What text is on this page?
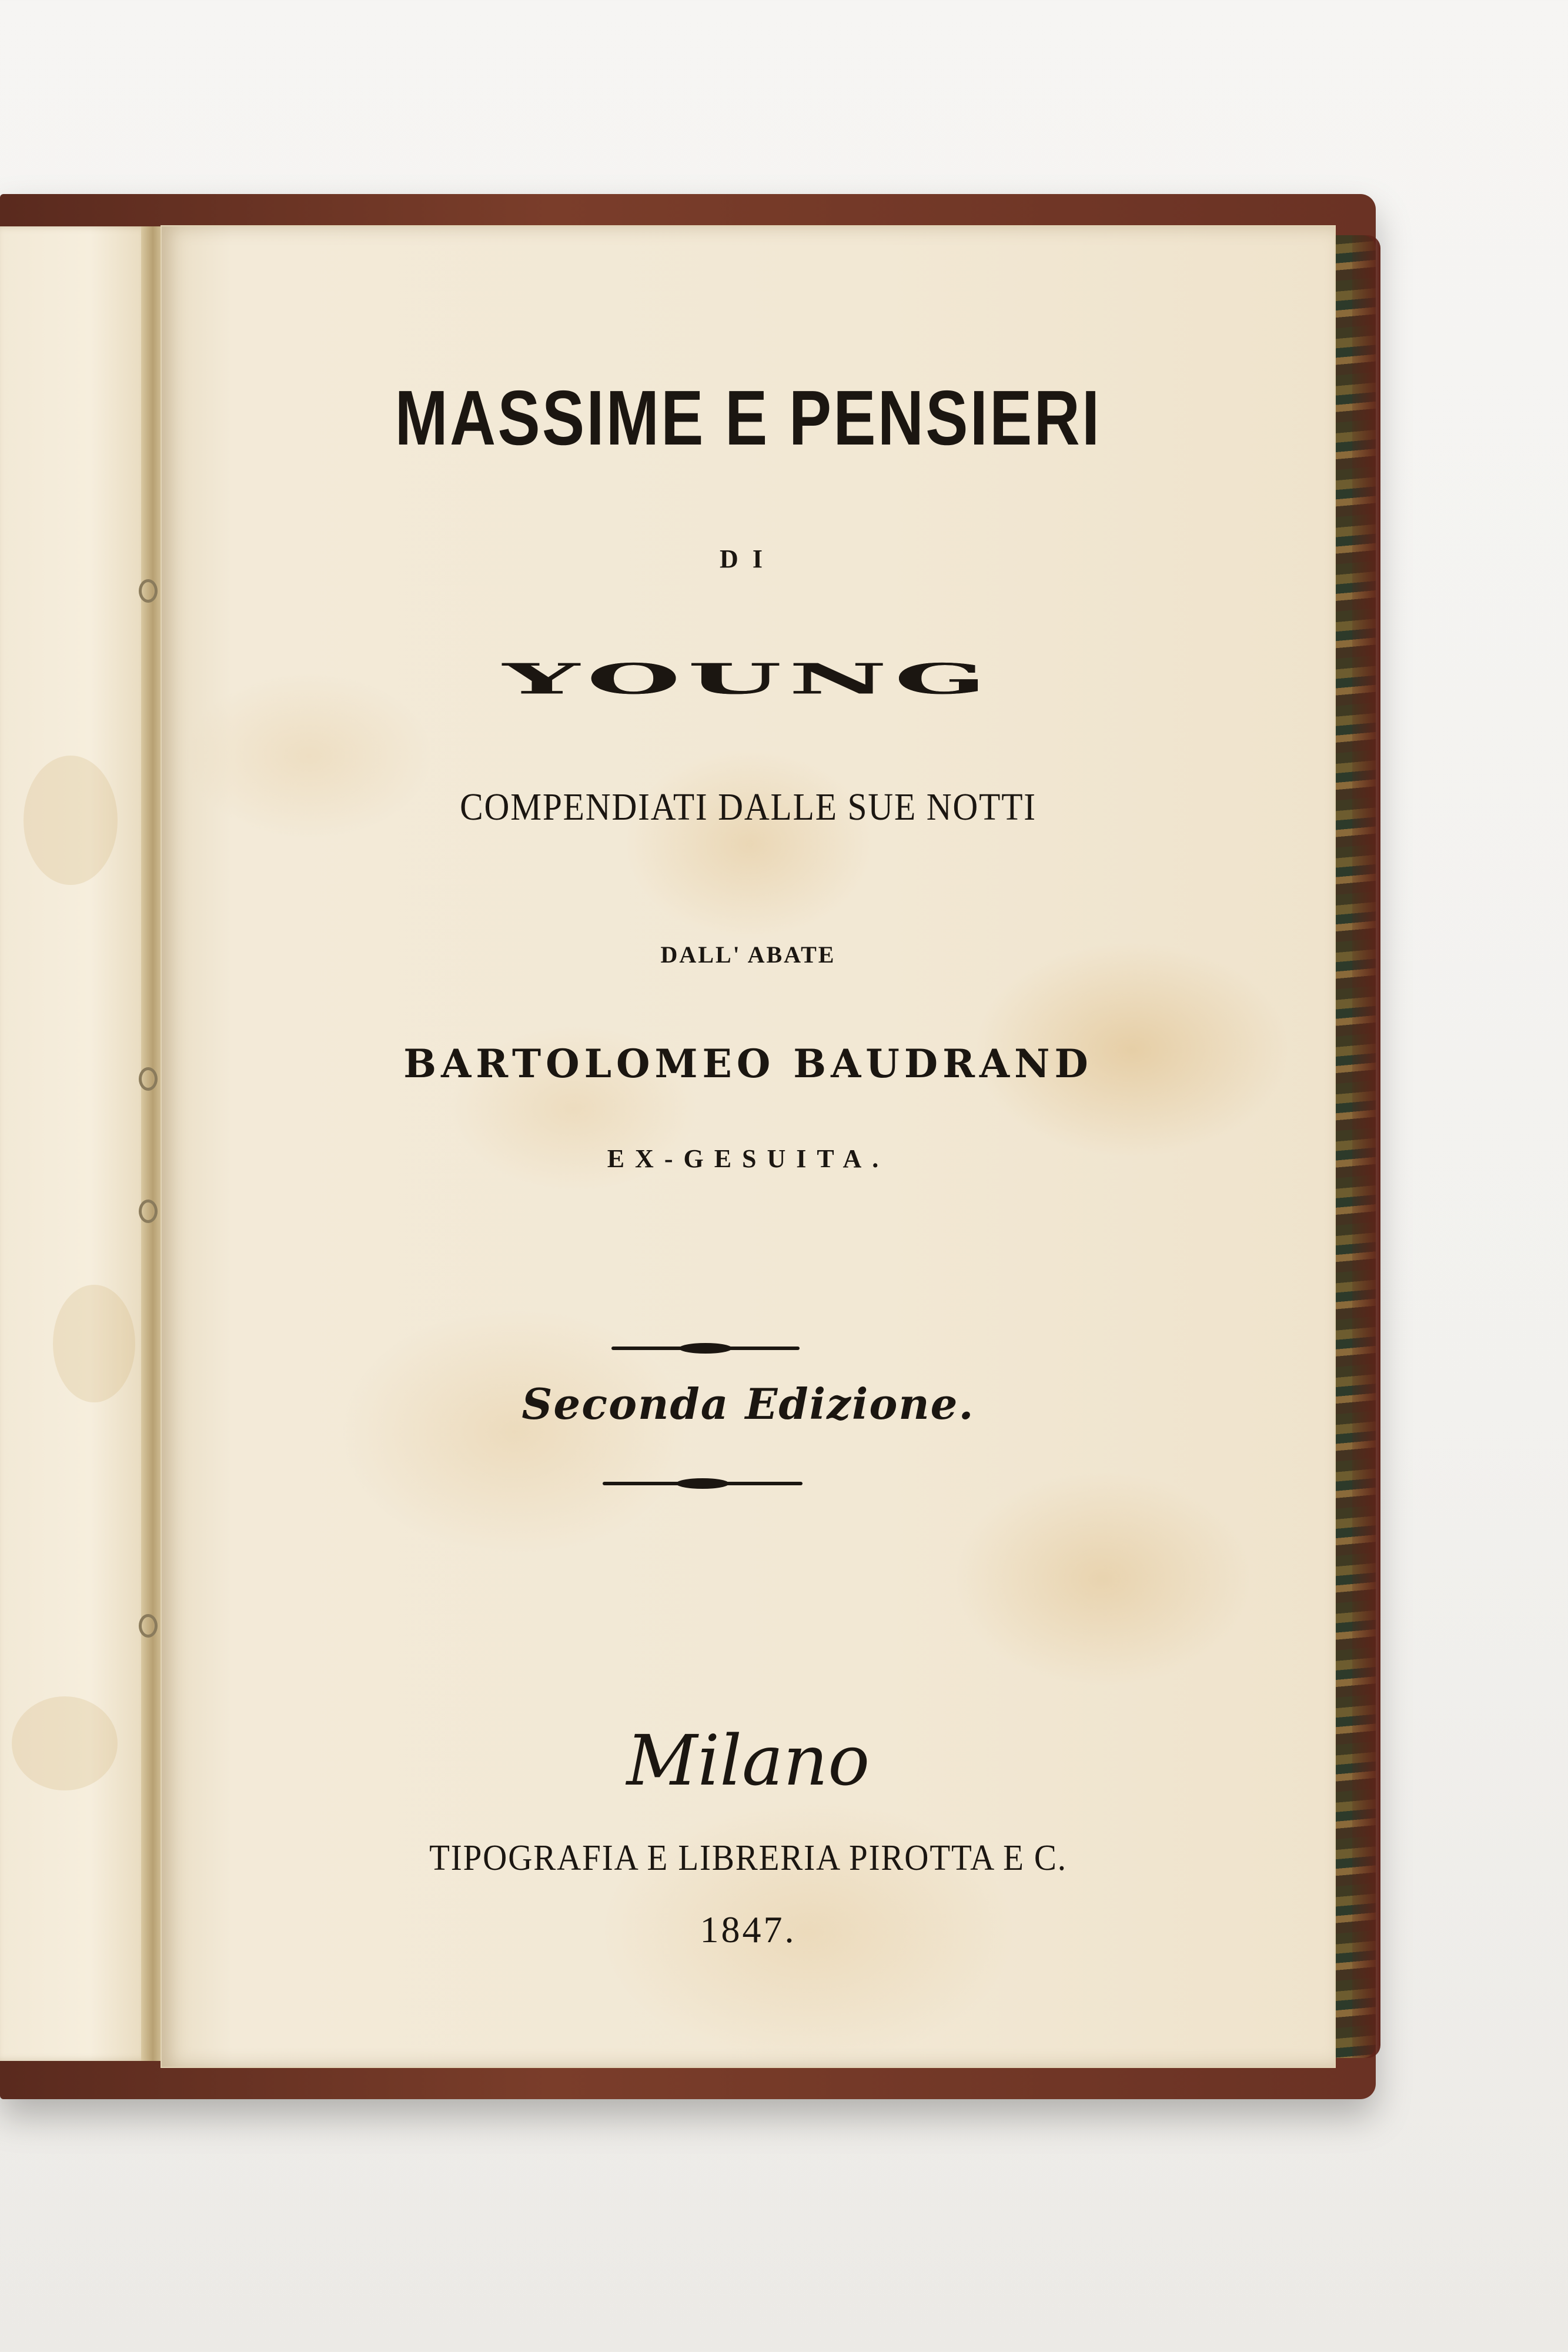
MASSIME E PENSIERI
DI
YOUNG
COMPENDIATI DALLE SUE NOTTI
DALL' ABATE
BARTOLOMEO BAUDRAND
EX-GESUITA.
Seconda Edizione.
Milano
TIPOGRAFIA E LIBRERIA PIROTTA E C.
1847.
